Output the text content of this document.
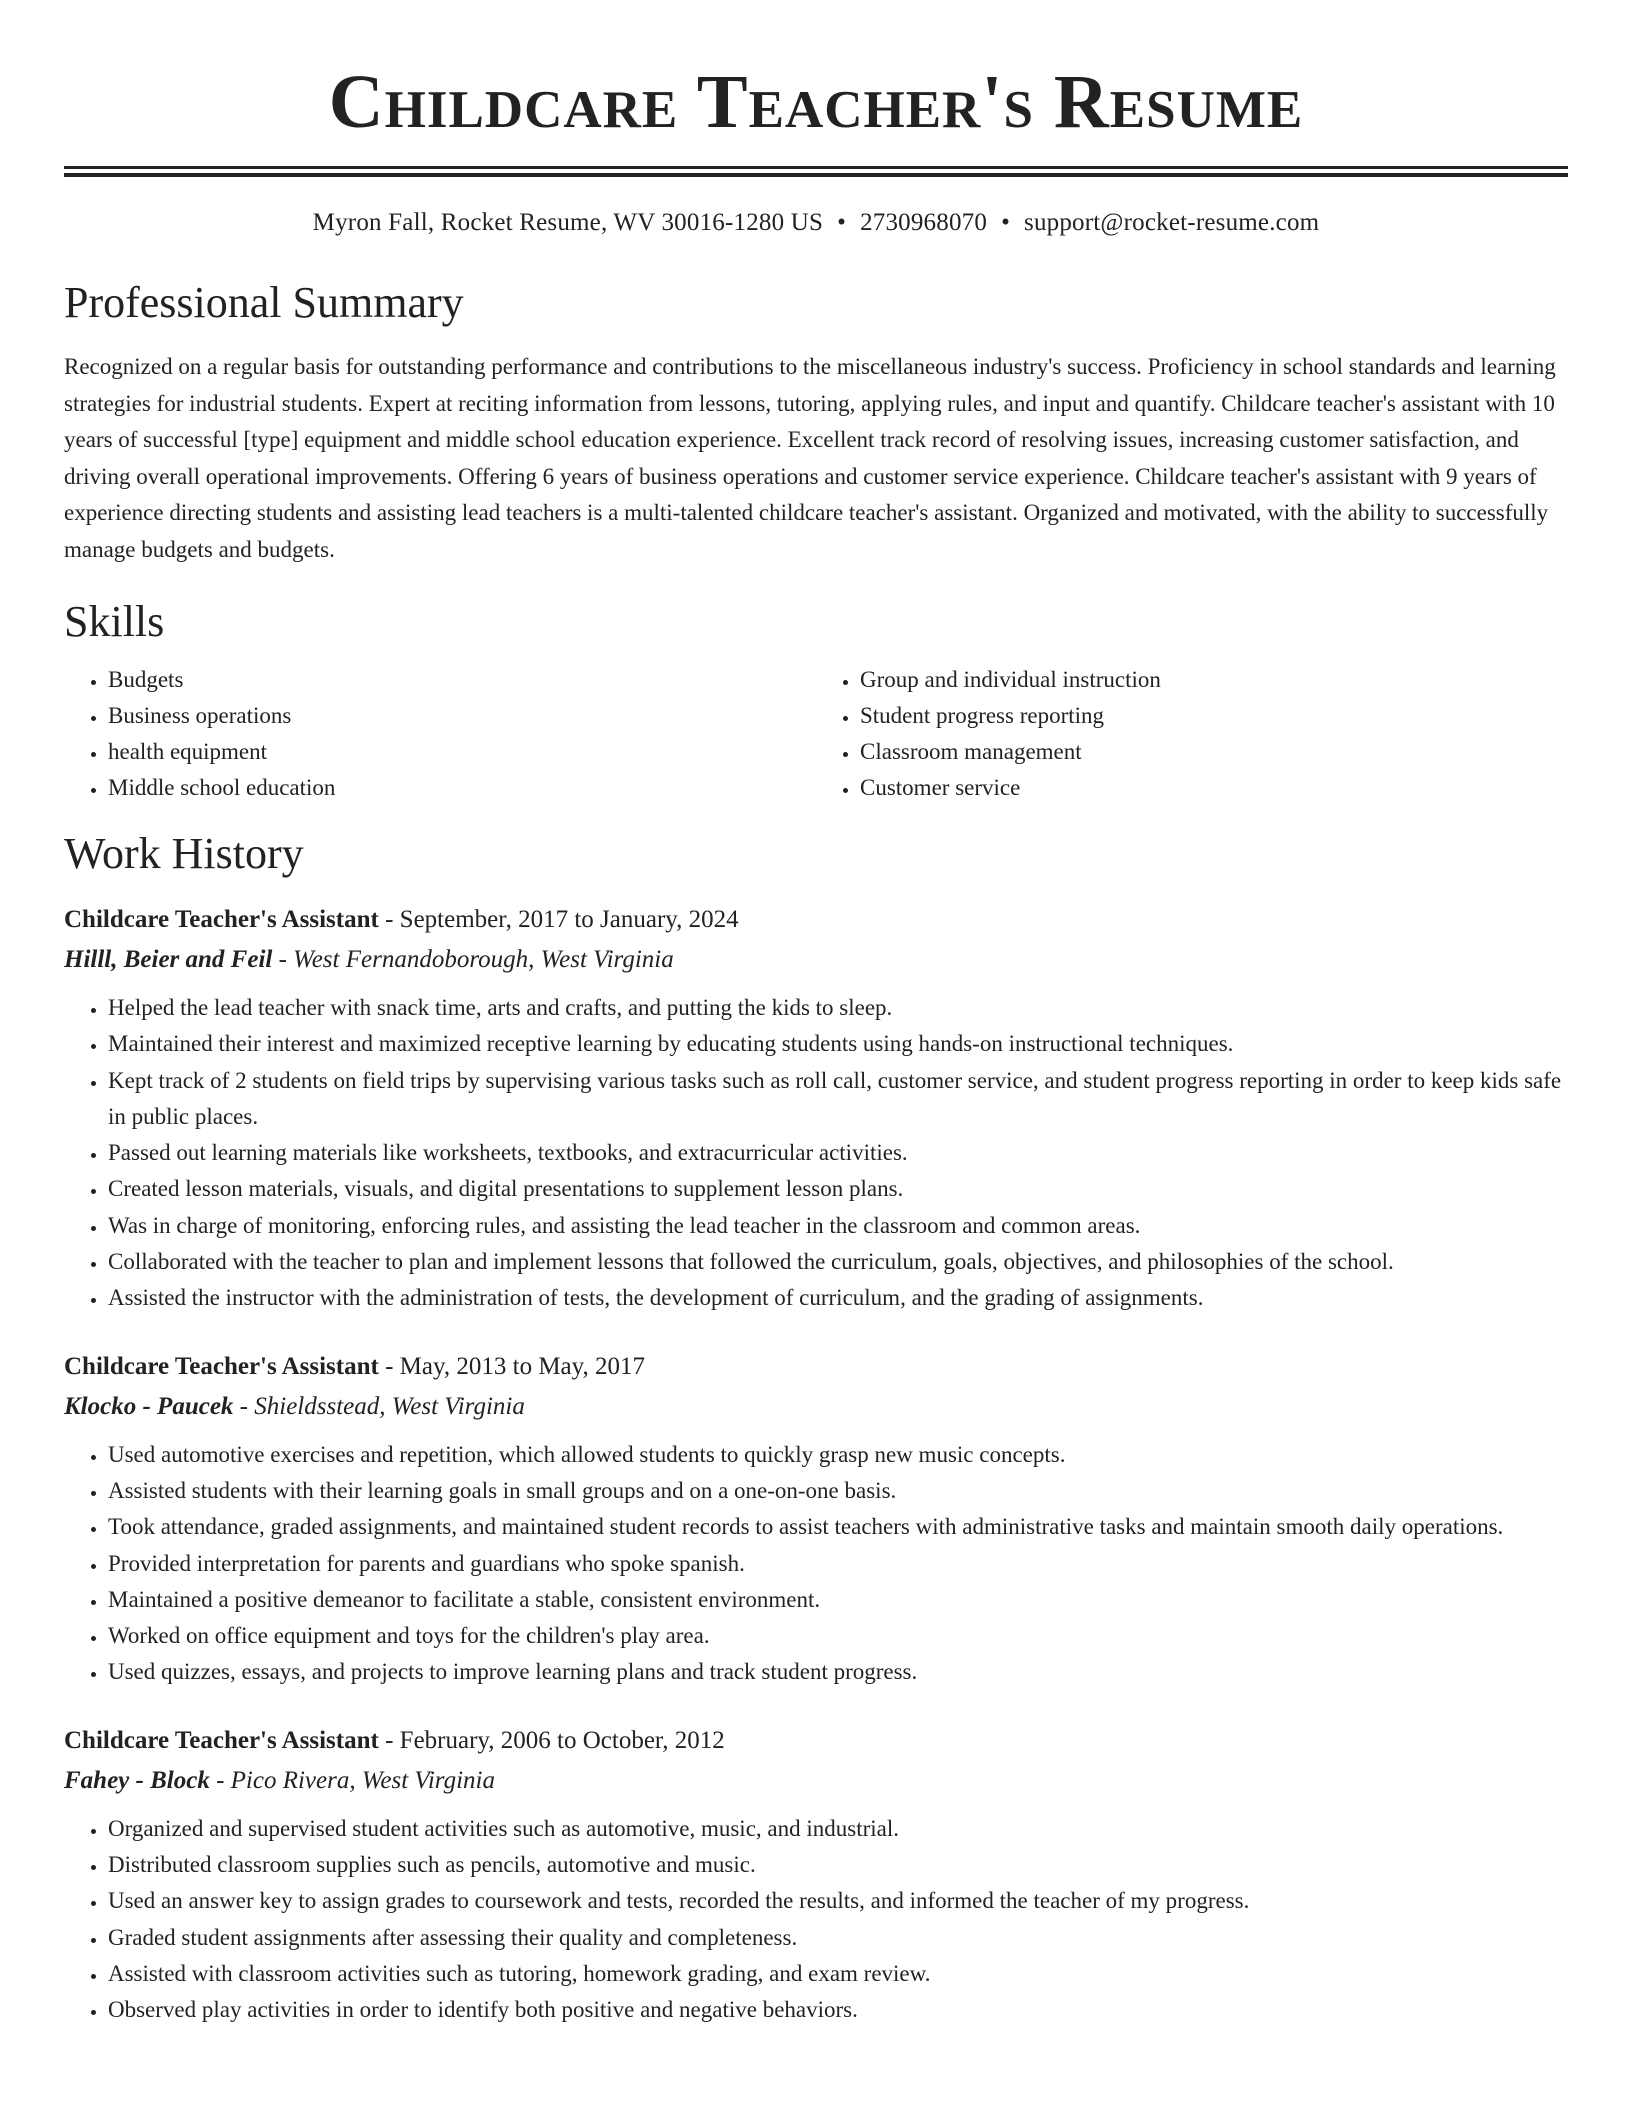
Childcare Teacher's Resume
Myron Fall, Rocket Resume, WV 30016-1280 US • 2730968070 • support@rocket-resume.com
Professional Summary

Recognized on a regular basis for outstanding performance and contributions to the miscellaneous industry's success. Proficiency in school standards and learning strategies for industrial students. Expert at reciting information from lessons, tutoring, applying rules, and input and quantify. Childcare teacher's assistant with 10 years of successful [type] equipment and middle school education experience. Excellent track record of resolving issues, increasing customer satisfaction, and driving overall operational improvements. Offering 6 years of business operations and customer service experience. Childcare teacher's assistant with 9 years of experience directing students and assisting lead teachers is a multi-talented childcare teacher's assistant. Organized and motivated, with the ability to successfully manage budgets and budgets.

Skills
• Budgets
• Business operations
• health equipment
• Middle school education
• Group and individual instruction
• Student progress reporting
• Classroom management
• Customer service
Work History
Childcare Teacher's Assistant - September, 2017 to January, 2024
Hilll, Beier and Feil - West Fernandoborough, West Virginia
• Helped the lead teacher with snack time, arts and crafts, and putting the kids to sleep.
• Maintained their interest and maximized receptive learning by educating students using hands-on instructional techniques.
• Kept track of 2 students on field trips by supervising various tasks such as roll call, customer service, and student progress reporting in order to keep kids safe in public places.
• Passed out learning materials like worksheets, textbooks, and extracurricular activities.
• Created lesson materials, visuals, and digital presentations to supplement lesson plans.
• Was in charge of monitoring, enforcing rules, and assisting the lead teacher in the classroom and common areas.
• Collaborated with the teacher to plan and implement lessons that followed the curriculum, goals, objectives, and philosophies of the school.
• Assisted the instructor with the administration of tests, the development of curriculum, and the grading of assignments.
Childcare Teacher's Assistant - May, 2013 to May, 2017
Klocko - Paucek - Shieldsstead, West Virginia
• Used automotive exercises and repetition, which allowed students to quickly grasp new music concepts.
• Assisted students with their learning goals in small groups and on a one-on-one basis.
• Took attendance, graded assignments, and maintained student records to assist teachers with administrative tasks and maintain smooth daily operations.
• Provided interpretation for parents and guardians who spoke spanish.
• Maintained a positive demeanor to facilitate a stable, consistent environment.
• Worked on office equipment and toys for the children's play area.
• Used quizzes, essays, and projects to improve learning plans and track student progress.
Childcare Teacher's Assistant - February, 2006 to October, 2012
Fahey - Block - Pico Rivera, West Virginia
• Organized and supervised student activities such as automotive, music, and industrial.
• Distributed classroom supplies such as pencils, automotive and music.
• Used an answer key to assign grades to coursework and tests, recorded the results, and informed the teacher of my progress.
• Graded student assignments after assessing their quality and completeness.
• Assisted with classroom activities such as tutoring, homework grading, and exam review.
• Observed play activities in order to identify both positive and negative behaviors.
